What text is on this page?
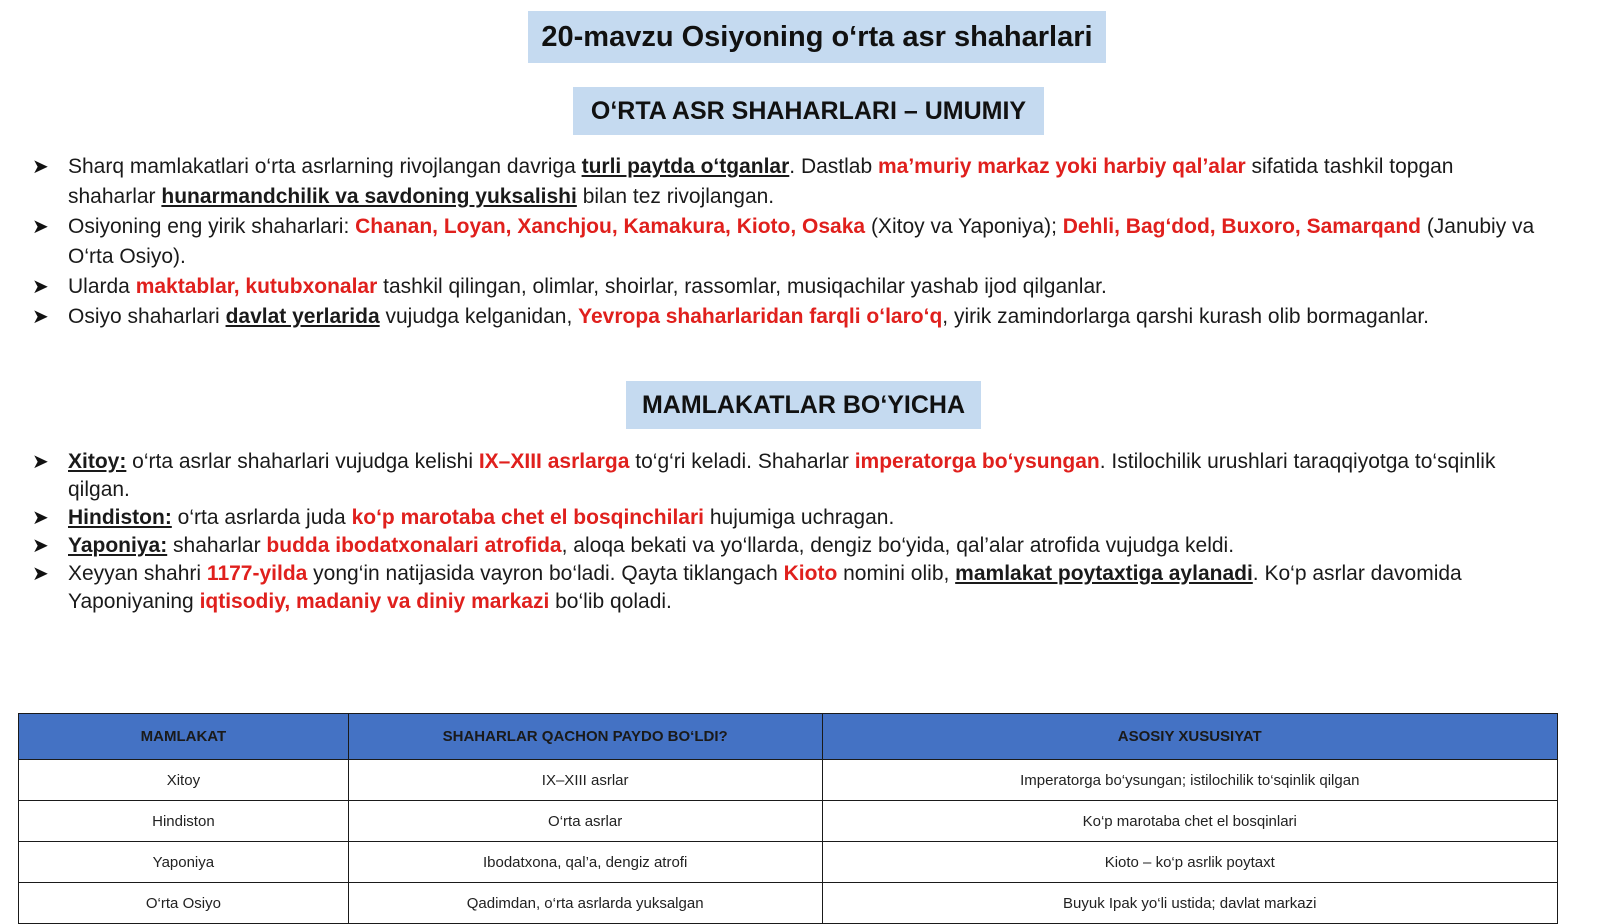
20-mavzu Osiyoning o‘rta asr shaharlari
O‘RTA ASR SHAHARLARI – UMUMIY
➤ Sharq mamlakatlari o‘rta asrlarning rivojlangan davriga turli paytda o‘tganlar. Dastlab ma’muriy markaz yoki harbiy qal’alar sifatida tashkil topgan shaharlar hunarmandchilik va savdoning yuksalishi bilan tez rivojlangan.
➤ Osiyoning eng yirik shaharlari: Chanan, Loyan, Xanchjou, Kamakura, Kioto, Osaka (Xitoy va Yaponiya); Dehli, Bag‘dod, Buxoro, Samarqand (Janubiy va O‘rta Osiyo).
➤ Ularda maktablar, kutubxonalar tashkil qilingan, olimlar, shoirlar, rassomlar, musiqachilar yashab ijod qilganlar.
➤ Osiyo shaharlari davlat yerlarida vujudga kelganidan, Yevropa shaharlaridan farqli o‘laro‘q, yirik zamindorlarga qarshi kurash olib bormaganlar.
MAMLAKATLAR BO‘YICHA
➤ Xitoy: o‘rta asrlar shaharlari vujudga kelishi IX–XIII asrlarga to‘g‘ri keladi. Shaharlar imperatorga bo‘ysungan. Istilochilik urushlari taraqqiyotga to‘sqinlik qilgan.
➤ Hindiston: o‘rta asrlarda juda ko‘p marotaba chet el bosqinchilari hujumiga uchragan.
➤ Yaponiya: shaharlar budda ibodatxonalari atrofida, aloqa bekati va yo‘llarda, dengiz bo‘yida, qal’alar atrofida vujudga keldi.
➤ Xeyyan shahri 1177-yilda yong‘in natijasida vayron bo‘ladi. Qayta tiklangach Kioto nomini olib, mamlakat poytaxtiga aylanadi. Ko‘p asrlar davomida Yaponiyaning iqtisodiy, madaniy va diniy markazi bo‘lib qoladi.
MAMLAKAT	SHAHARLAR QACHON PAYDO BO‘LDI?	ASOSIY XUSUSIYAT
Xitoy	IX–XIII asrlar	Imperatorga bo‘ysungan; istilochilik to‘sqinlik qilgan
Hindiston	O‘rta asrlar	Ko‘p marotaba chet el bosqinlari
Yaponiya	Ibodatxona, qal’a, dengiz atrofi	Kioto – ko‘p asrlik poytaxt
O‘rta Osiyo	Qadimdan, o‘rta asrlarda yuksalgan	Buyuk Ipak yo‘li ustida; davlat markazi
